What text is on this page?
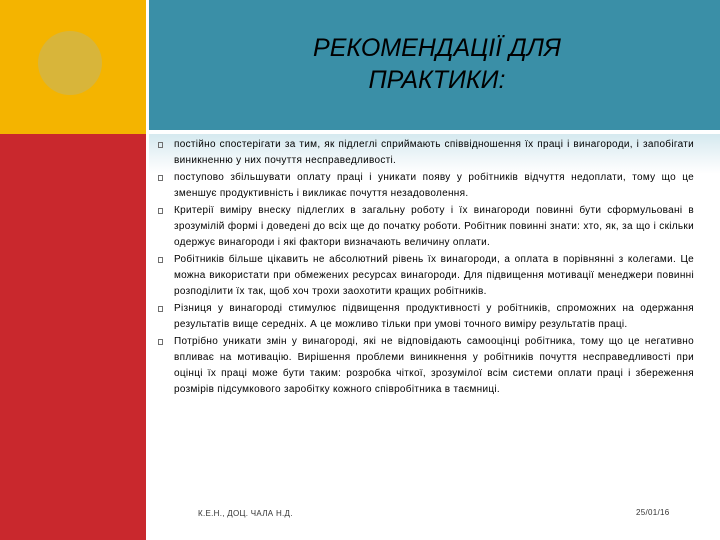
РЕКОМЕНДАЦІЇ ДЛЯ
ПРАКТИКИ:
постійно спостерігати за тим, як підлеглі сприймають співвідношення їх праці і винагороди, і запобігати виникненню у них почуття несправедливості.
поступово збільшувати оплату праці і уникати появу у робітників відчуття недоплати, тому що це зменшує продуктивність і викликає почуття незадоволення.
Критерії виміру внеску підлеглих в загальну роботу і їх винагороди повинні бути сформульовані в зрозумілій формі і доведені до всіх ще до початку роботи. Робітник повинні знати: хто, як, за що і скільки одержує винагороди і які фактори визначають величину оплати.
Робітників більше цікавить не абсолютний рівень їх винагороди, а оплата в порівнянні з колегами. Це можна використати при обмежених ресурсах винагороди. Для підвищення мотивації менеджери повинні розподілити їх так, щоб хоч трохи заохотити кращих робітників.
Різниця у винагороді стимулює підвищення продуктивності у робітників, спроможних на одержання результатів вище середніх. А це можливо тільки при умові точного виміру результатів праці.
Потрібно уникати змін у винагороді, які не відповідають самооцінці робітника, тому що це негативно впливає на мотивацію. Вирішення проблеми виникнення у робітників почуття несправедливості при оцінці їх праці може бути таким: розробка чіткої, зрозумілої всім системи оплати праці і збереження розмірів підсумкового заробітку кожного співробітника в таємниці.
К.Е.Н., ДОЦ. ЧАЛА Н.Д.	25/01/16
